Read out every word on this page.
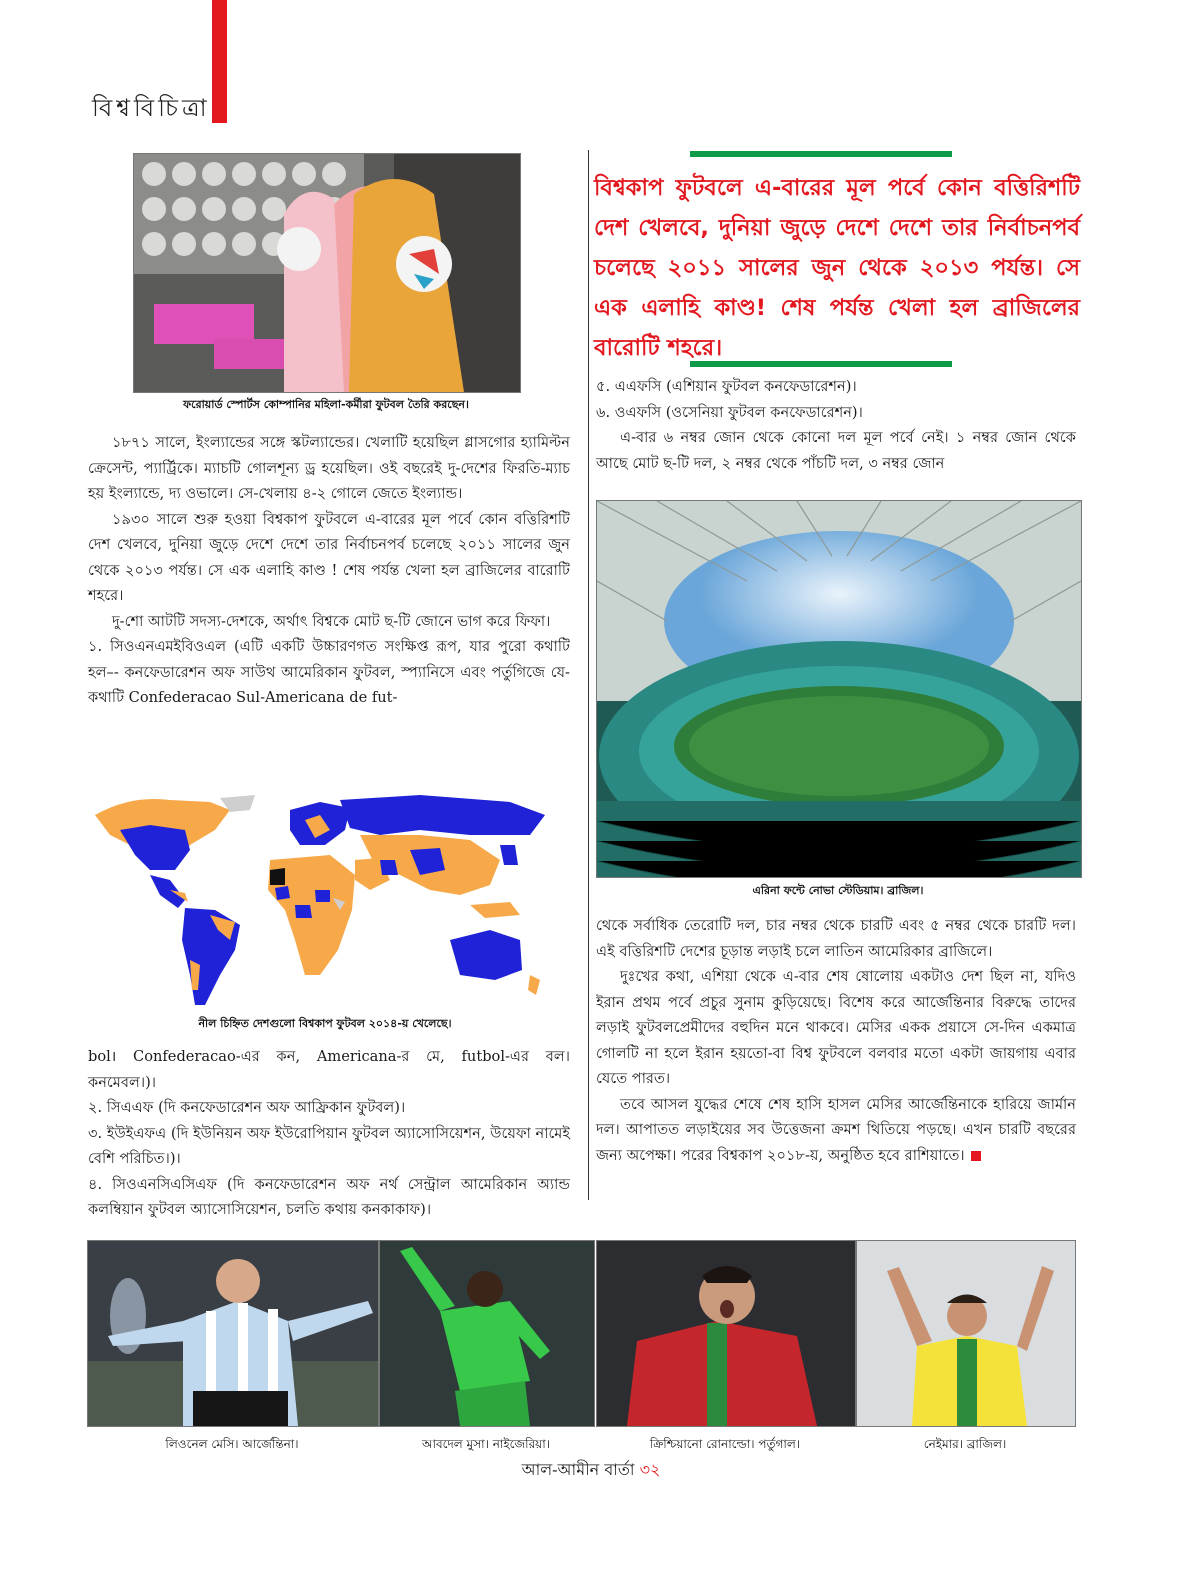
বিশ্ববিচিত্রা
ফরোয়ার্ড স্পোর্টস কোম্পানির মহিলা-কর্মীরা ফুটবল তৈরি করছেন।

১৮৭১ সালে, ইংল্যান্ডের সঙ্গে স্কটল্যান্ডের। খেলাটি হয়েছিল গ্লাসগোর হ্যামিল্টন ক্রেসেন্ট, প্যার্ট্রিকে। ম্যাচটি গোলশূন্য ড্র হয়েছিল। ওই বছরেই দু-দেশের ফিরতি-ম্যাচ হয় ইংল্যান্ডে, দ্য ওভালে। সে-খেলায় ৪-২ গোলে জেতে ইংল্যান্ড।

১৯৩০ সালে শুরু হওয়া বিশ্বকাপ ফুটবলে এ-বারের মূল পর্বে কোন বত্তিরিশটি দেশ খেলবে, দুনিয়া জুড়ে দেশে দেশে তার নির্বাচনপর্ব চলেছে ২০১১ সালের জুন থেকে ২০১৩ পর্যন্ত। সে এক এলাহি কাণ্ড ! শেষ পর্যন্ত খেলা হল ব্রাজিলের বারোটি শহরে।

দু-শো আটটি সদস্য-দেশকে, অর্থাৎ বিশ্বকে মোট ছ-টি জোনে ভাগ করে ফিফা।

১. সিওএনএমইবিওএল (এটি একটি উচ্চারণগত সংক্ষিপ্ত রূপ, যার পুরো কথাটি হল–- কনফেডারেশন অফ সাউথ আমেরিকান ফুটবল, স্প্যানিসে এবং পর্তুগিজে যে-কথাটি Confederacao Sul-Americana de fut-

নীল চিহ্নিত দেশগুলো বিশ্বকাপ ফুটবল ২০১৪-য় খেলেছে।

bol। Confederacao-এর কন, Americana-র মে, futbol-এর বল। কনমেবল।)।

২. সিএএফ (দি কনফেডারেশন অফ আফ্রিকান ফুটবল)।

৩. ইউইএফএ (দি ইউনিয়ন অফ ইউরোপিয়ান ফুটবল অ্যাসোসিয়েশন, উয়েফা নামেই বেশি পরিচিত।)।

৪. সিওএনসিএসিএফ (দি কনফেডারেশন অফ নর্থ সেন্ট্রাল আমেরিকান অ্যান্ড কলম্বিয়ান ফুটবল অ্যাসোসিয়েশন, চলতি কথায় কনকাকাফ)।

বিশ্বকাপ ফুটবলে এ-বারের মূল পর্বে কোন বত্তিরিশটি দেশ খেলবে, দুনিয়া জুড়ে দেশে দেশে তার নির্বাচনপর্ব চলেছে ২০১১ সালের জুন থেকে ২০১৩ পর্যন্ত। সে এক এলাহি কাণ্ড! শেষ পর্যন্ত খেলা হল ব্রাজিলের বারোটি শহরে।

৫. এএফসি (এশিয়ান ফুটবল কনফেডারেশন)।

৬. ওএফসি (ওসেনিয়া ফুটবল কনফেডারেশন)।

এ-বার ৬ নম্বর জোন থেকে কোনো দল মূল পর্বে নেই। ১ নম্বর জোন থেকে আছে মোট ছ-টি দল, ২ নম্বর থেকে পাঁচটি দল, ৩ নম্বর জোন

এরিনা ফন্টে নোভা স্টেডিয়াম। ব্রাজিল।

থেকে সর্বাধিক তেরোটি দল, চার নম্বর থেকে চারটি এবং ৫ নম্বর থেকে চারটি দল। এই বত্তিরিশটি দেশের চূড়ান্ত লড়াই চলে লাতিন আমেরিকার ব্রাজিলে।

দুঃখের কথা, এশিয়া থেকে এ-বার শেষ ষোলোয় একটাও দেশ ছিল না, যদিও ইরান প্রথম পর্বে প্রচুর সুনাম কুড়িয়েছে। বিশেষ করে আর্জেন্তিনার বিরুদ্ধে তাদের লড়াই ফুটবলপ্রেমীদের বহুদিন মনে থাকবে। মেসির একক প্রয়াসে সে-দিন একমাত্র গোলটি না হলে ইরান হয়তো-বা বিশ্ব ফুটবলে বলবার মতো একটা জায়গায় এবার যেতে পারত।

তবে আসল যুদ্ধের শেষে শেষ হাসি হাসল মেসির আর্জেন্তিনাকে হারিয়ে জার্মান দল। আপাতত লড়াইয়ের সব উত্তেজনা ক্রমশ থিতিয়ে পড়ছে। এখন চারটি বছরের জন্য অপেক্ষা। পরের বিশ্বকাপ ২০১৮-য়, অনুষ্ঠিত হবে রাশিয়াতে।

লিওনেল মেসি। আর্জেন্তিনা।	আবদেল মুসা। নাইজেরিয়া।	ক্রিশ্চিয়ানো রোনাল্ডো। পর্তুগাল।	নেইমার। ব্রাজিল।
আল-আমীন বার্তা ৩২
